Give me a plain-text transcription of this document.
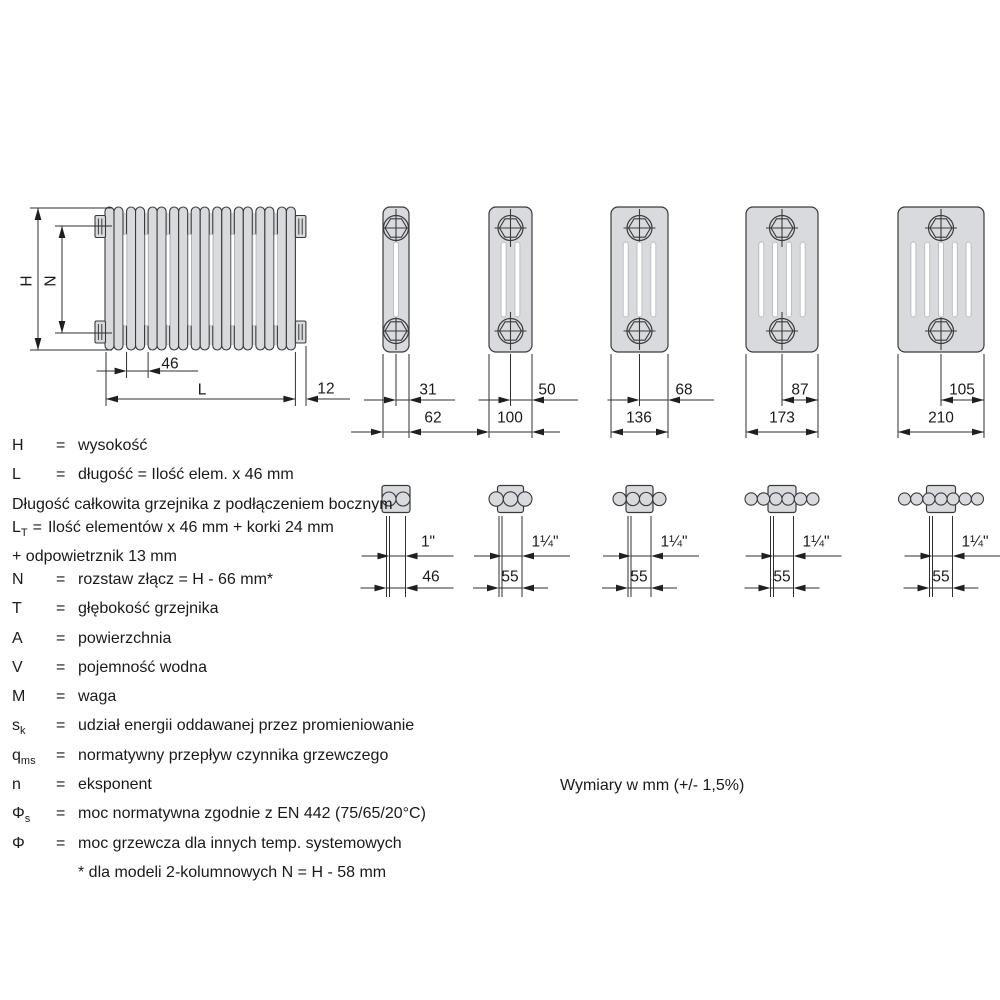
H N
46
L	12	31	50	68	87	105
62	100	136	173	210
1"	1¼"	1¼"	1¼"	1¼"
46	55	55	55	55
H	= wysokość
L	= długość = Ilość elem. x 46 mm
Długość całkowita grzejnika z podłączeniem bocznym
$L_T$ = Ilość elementów x 46 mm + korki 24 mm
+ odpowietrznik 13 mm
N	= rozstaw złącz = H - 66 mm*
T	= głębokość grzejnika
A	= powierzchnia
V	= pojemność wodna
M	= waga
$s_k$	= udział energii oddawanej przez promieniowanie
$q_{ms}$	= normatywny przepływ czynnika grzewczego
n	= eksponent
$\Phi_s$	= moc normatywna zgodnie z EN 442 (75/65/20°C)
Φ	= moc grzewcza dla innych temp. systemowych
* dla modeli 2-kolumnowych N = H - 58 mm
Wymiary w mm (+/- 1,5%)
